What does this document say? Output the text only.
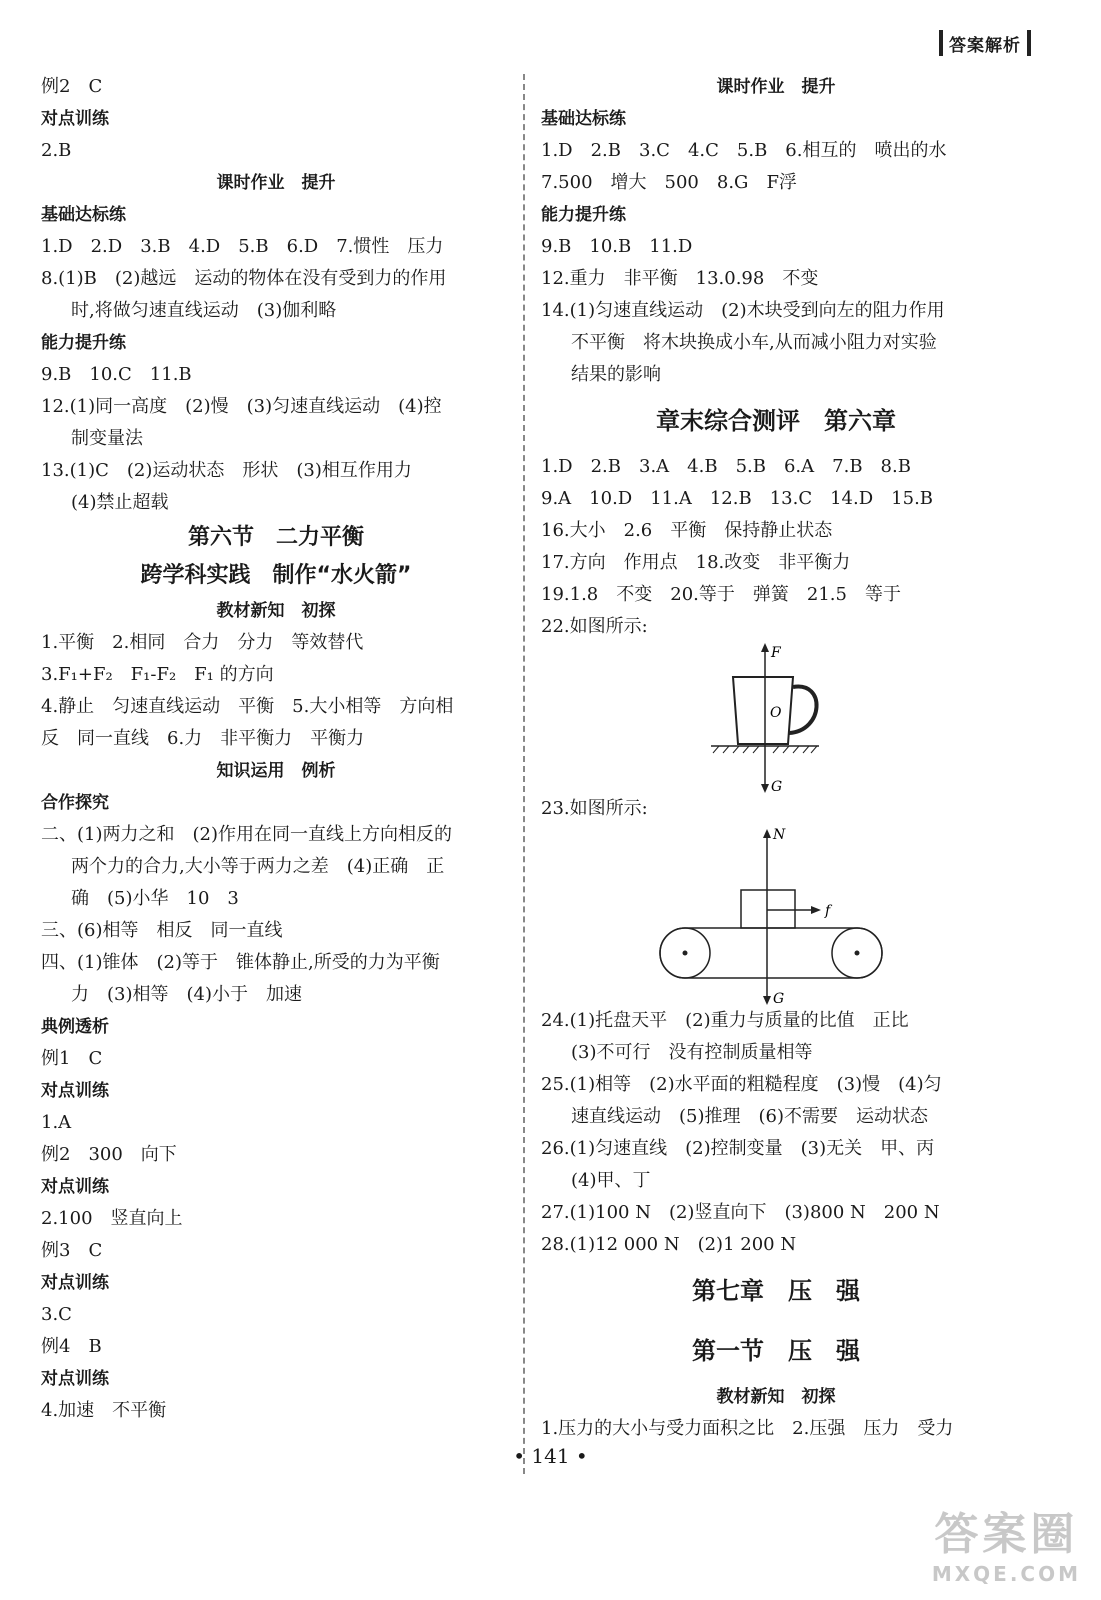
答案解析
例2　C
对点训练
2.B
课时作业　提升
基础达标练
1.D　2.D　3.B　4.D　5.B　6.D　7.惯性　压力
8.(1)B　(2)越远　运动的物体在没有受到力的作用
时,将做匀速直线运动　(3)伽利略
能力提升练
9.B　10.C　11.B
12.(1)同一高度　(2)慢　(3)匀速直线运动　(4)控
制变量法
13.(1)C　(2)运动状态　形状　(3)相互作用力
(4)禁止超载
第六节　二力平衡
跨学科实践　制作“水火箭”
教材新知　初探
1.平衡　2.相同　合力　分力　等效替代
3.F₁+F₂　F₁-F₂　F₁ 的方向
4.静止　匀速直线运动　平衡　5.大小相等　方向相
反　同一直线　6.力　非平衡力　平衡力
知识运用　例析
合作探究
二、(1)两力之和　(2)作用在同一直线上方向相反的
两个力的合力,大小等于两力之差　(4)正确　正
确　(5)小华　10　3
三、(6)相等　相反　同一直线
四、(1)锥体　(2)等于　锥体静止,所受的力为平衡
力　(3)相等　(4)小于　加速
典例透析
例1　C
对点训练
1.A
例2　300　向下
对点训练
2.100　竖直向上
例3　C
对点训练
3.C
例4　B
对点训练
4.加速　不平衡
课时作业　提升
基础达标练
1.D　2.B　3.C　4.C　5.B　6.相互的　喷出的水
7.500　增大　500　8.G　F浮
能力提升练
9.B　10.B　11.D
12.重力　非平衡　13.0.98　不变
14.(1)匀速直线运动　(2)木块受到向左的阻力作用
不平衡　将木块换成小车,从而减小阻力对实验
结果的影响
章末综合测评　第六章
1.D　2.B　3.A　4.B　5.B　6.A　7.B　8.B
9.A　10.D　11.A　12.B　13.C　14.D　15.B
16.大小　2.6　平衡　保持静止状态
17.方向　作用点　18.改变　非平衡力
19.1.8　不变　20.等于　弹簧　21.5　等于
22.如图所示:
F
O
G
23.如图所示:
N
f
G
24.(1)托盘天平　(2)重力与质量的比值　正比
(3)不可行　没有控制质量相等
25.(1)相等　(2)水平面的粗糙程度　(3)慢　(4)匀
速直线运动　(5)推理　(6)不需要　运动状态
26.(1)匀速直线　(2)控制变量　(3)无关　甲、丙
(4)甲、丁
27.(1)100 N　(2)竖直向下　(3)800 N　200 N
28.(1)12 000 N　(2)1 200 N
第七章　压　强
第一节　压　强
教材新知　初探
1.压力的大小与受力面积之比　2.压强　压力　受力
• 141 •
答案圈
MXQE.COM
